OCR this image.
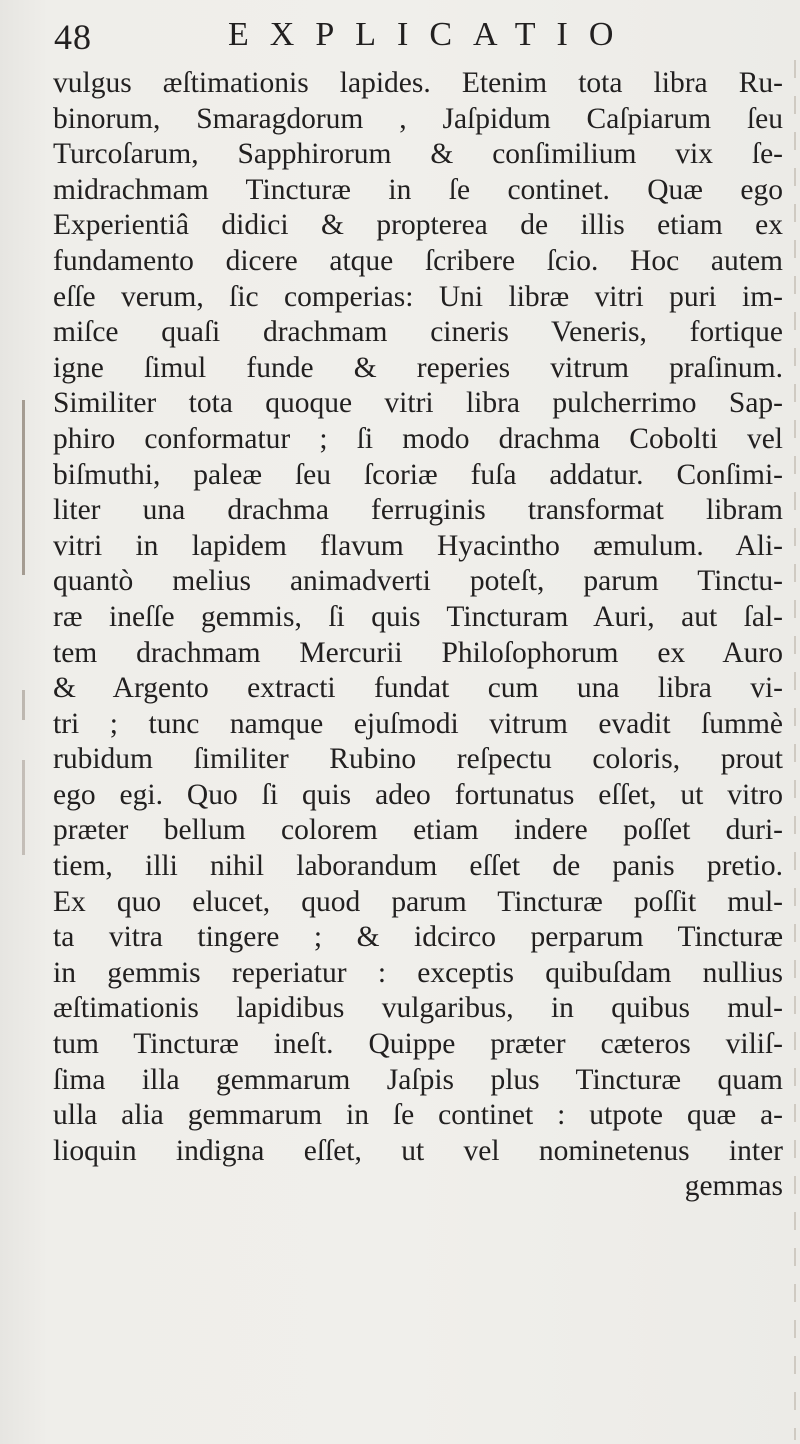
48	EXPLICATIO
vulgus æſtimationis lapides. Etenim tota libra Ru-
binorum, Smaragdorum , Jaſpidum Caſpiarum ſeu
Turcoſarum, Sapphirorum & conſimilium vix ſe-
midrachmam Tincturæ in ſe continet. Quæ ego
Experientiâ didici & propterea de illis etiam ex
fundamento dicere atque ſcribere ſcio. Hoc autem
eſſe verum, ſic comperias: Uni libræ vitri puri im-
miſce quaſi drachmam cineris Veneris, fortique
igne ſimul funde & reperies vitrum praſinum.
Similiter tota quoque vitri libra pulcherrimo Sap-
phiro conformatur ; ſi modo drachma Cobolti vel
biſmuthi, paleæ ſeu ſcoriæ fuſa addatur. Conſimi-
liter una drachma ferruginis transformat libram
vitri in lapidem flavum Hyacintho æmulum. Ali-
quantò melius animadverti poteſt, parum Tinctu-
ræ ineſſe gemmis, ſi quis Tincturam Auri, aut ſal-
tem drachmam Mercurii Philoſophorum ex Auro
& Argento extracti fundat cum una libra vi-
tri ; tunc namque ejuſmodi vitrum evadit ſummè
rubidum ſimiliter Rubino reſpectu coloris, prout
ego egi. Quo ſi quis adeo fortunatus eſſet, ut vitro
præter bellum colorem etiam indere poſſet duri-
tiem, illi nihil laborandum eſſet de panis pretio.
Ex quo elucet, quod parum Tincturæ poſſit mul-
ta vitra tingere ; & idcirco perparum Tincturæ
in gemmis reperiatur : exceptis quibuſdam nullius
æſtimationis lapidibus vulgaribus, in quibus mul-
tum Tincturæ ineſt. Quippe præter cæteros viliſ-
ſima illa gemmarum Jaſpis plus Tincturæ quam
ulla alia gemmarum in ſe continet : utpote quæ a-
lioquin indigna eſſet, ut vel nominetenus inter
gemmas
